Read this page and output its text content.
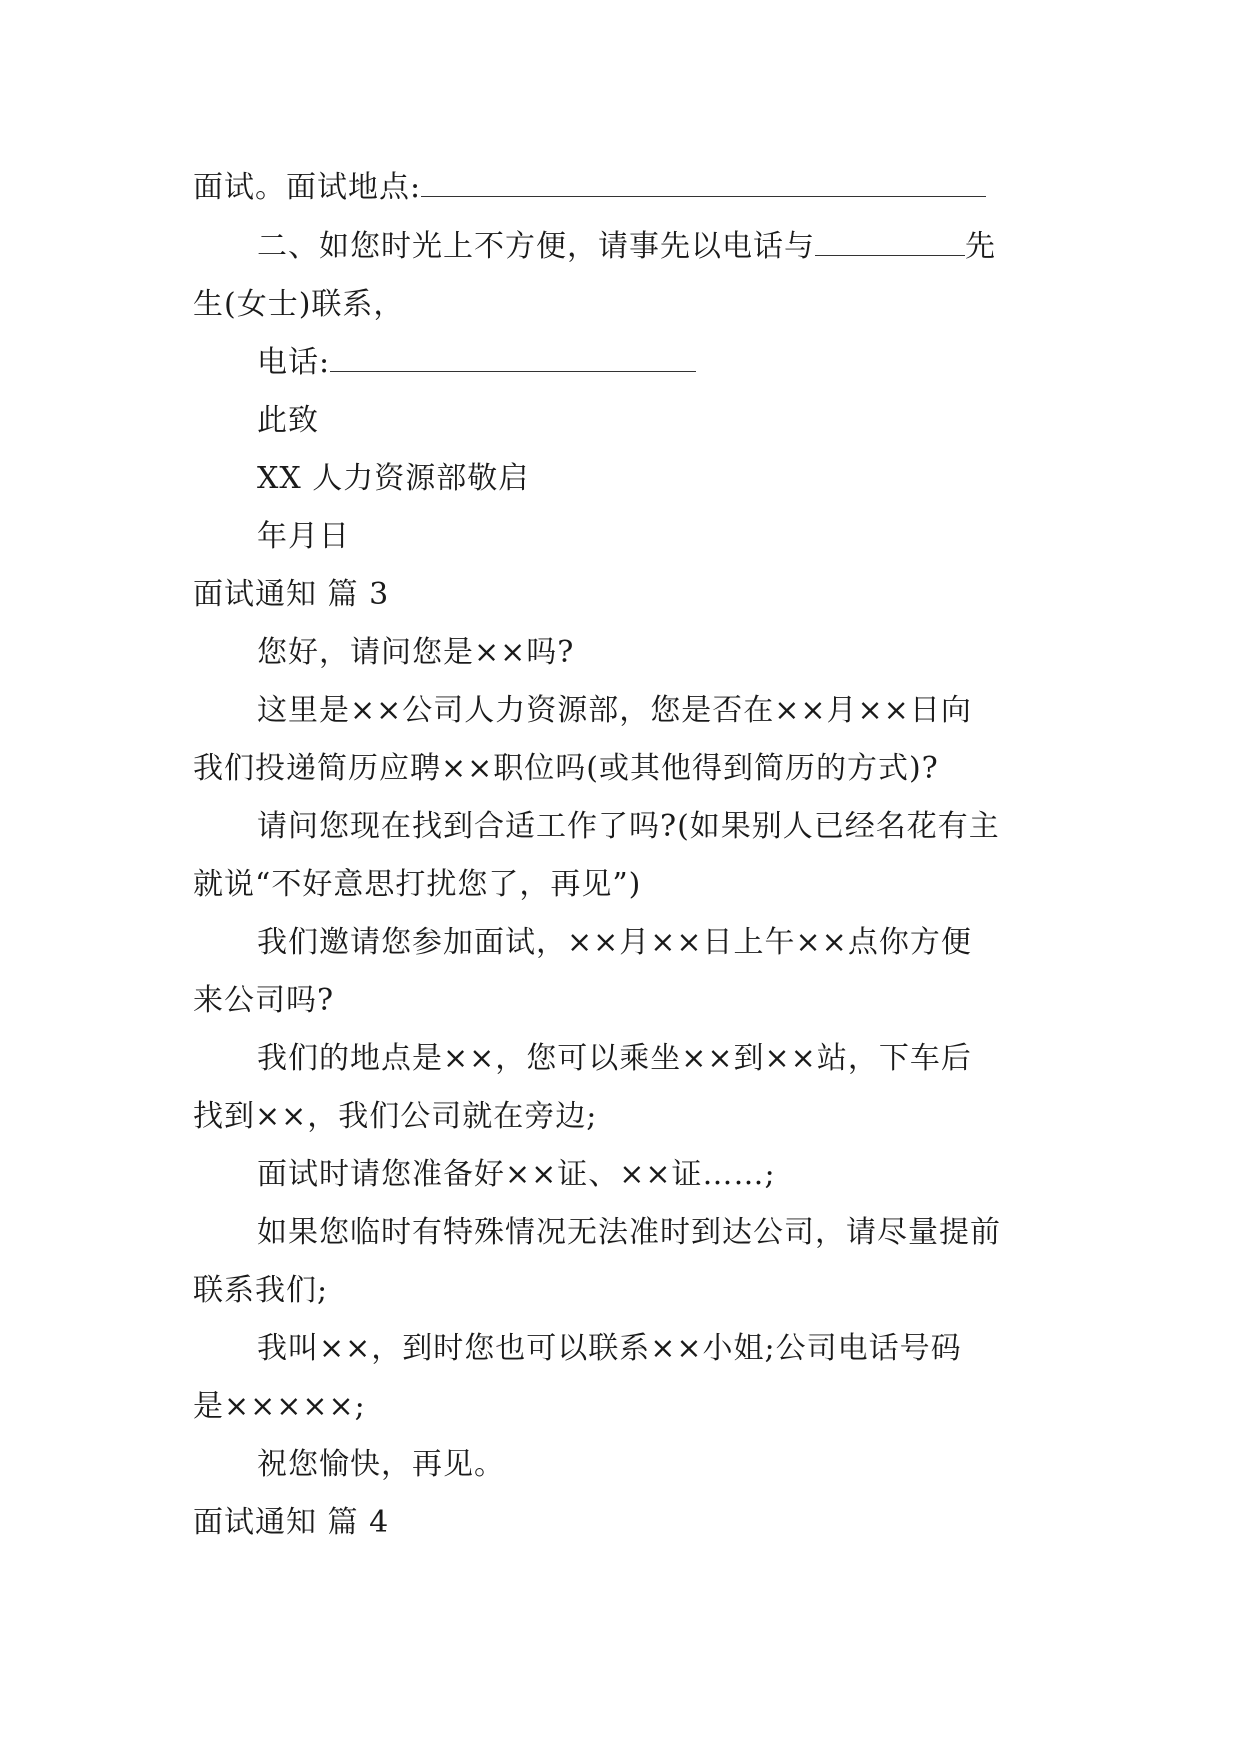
面试。面试地点:
二、如您时光上不方便，请事先以电话与	先
生(女士)联系，
电话:
此致
XX 人力资源部敬启
年月日
面试通知 篇 3
您好，请问您是××吗?
这里是××公司人力资源部，您是否在××月××日向
我们投递简历应聘××职位吗(或其他得到简历的方式)?
请问您现在找到合适工作了吗?(如果别人已经名花有主
就说“不好意思打扰您了，再见”)
我们邀请您参加面试，××月××日上午××点你方便
来公司吗?
我们的地点是××，您可以乘坐××到××站，下车后
找到××，我们公司就在旁边;
面试时请您准备好××证、××证……;
如果您临时有特殊情况无法准时到达公司，请尽量提前
联系我们;
我叫××，到时您也可以联系××小姐;公司电话号码
是×××××;
祝您愉快，再见。
面试通知 篇 4
